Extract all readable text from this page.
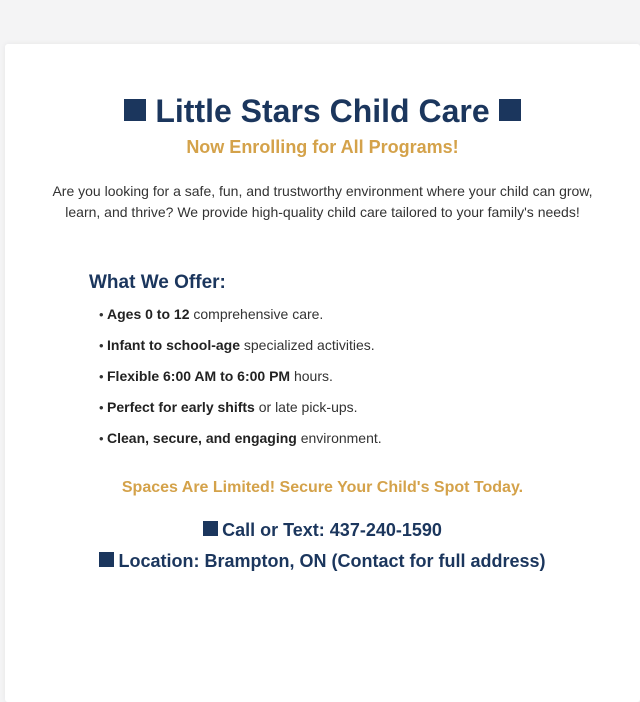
Little Stars Child Care

Now Enrolling for All Programs!

Are you looking for a safe, fun, and trustworthy environment where your child can grow, learn, and thrive? We provide high-quality child care tailored to your family's needs!

What We Offer:
• Ages 0 to 12 comprehensive care.
• Infant to school-age specialized activities.
• Flexible 6:00 AM to 6:00 PM hours.
• Perfect for early shifts or late pick-ups.
• Clean, secure, and engaging environment.

Spaces Are Limited! Secure Your Child's Spot Today.

Call or Text: 437-240-1590

Location: Brampton, ON (Contact for full address)
